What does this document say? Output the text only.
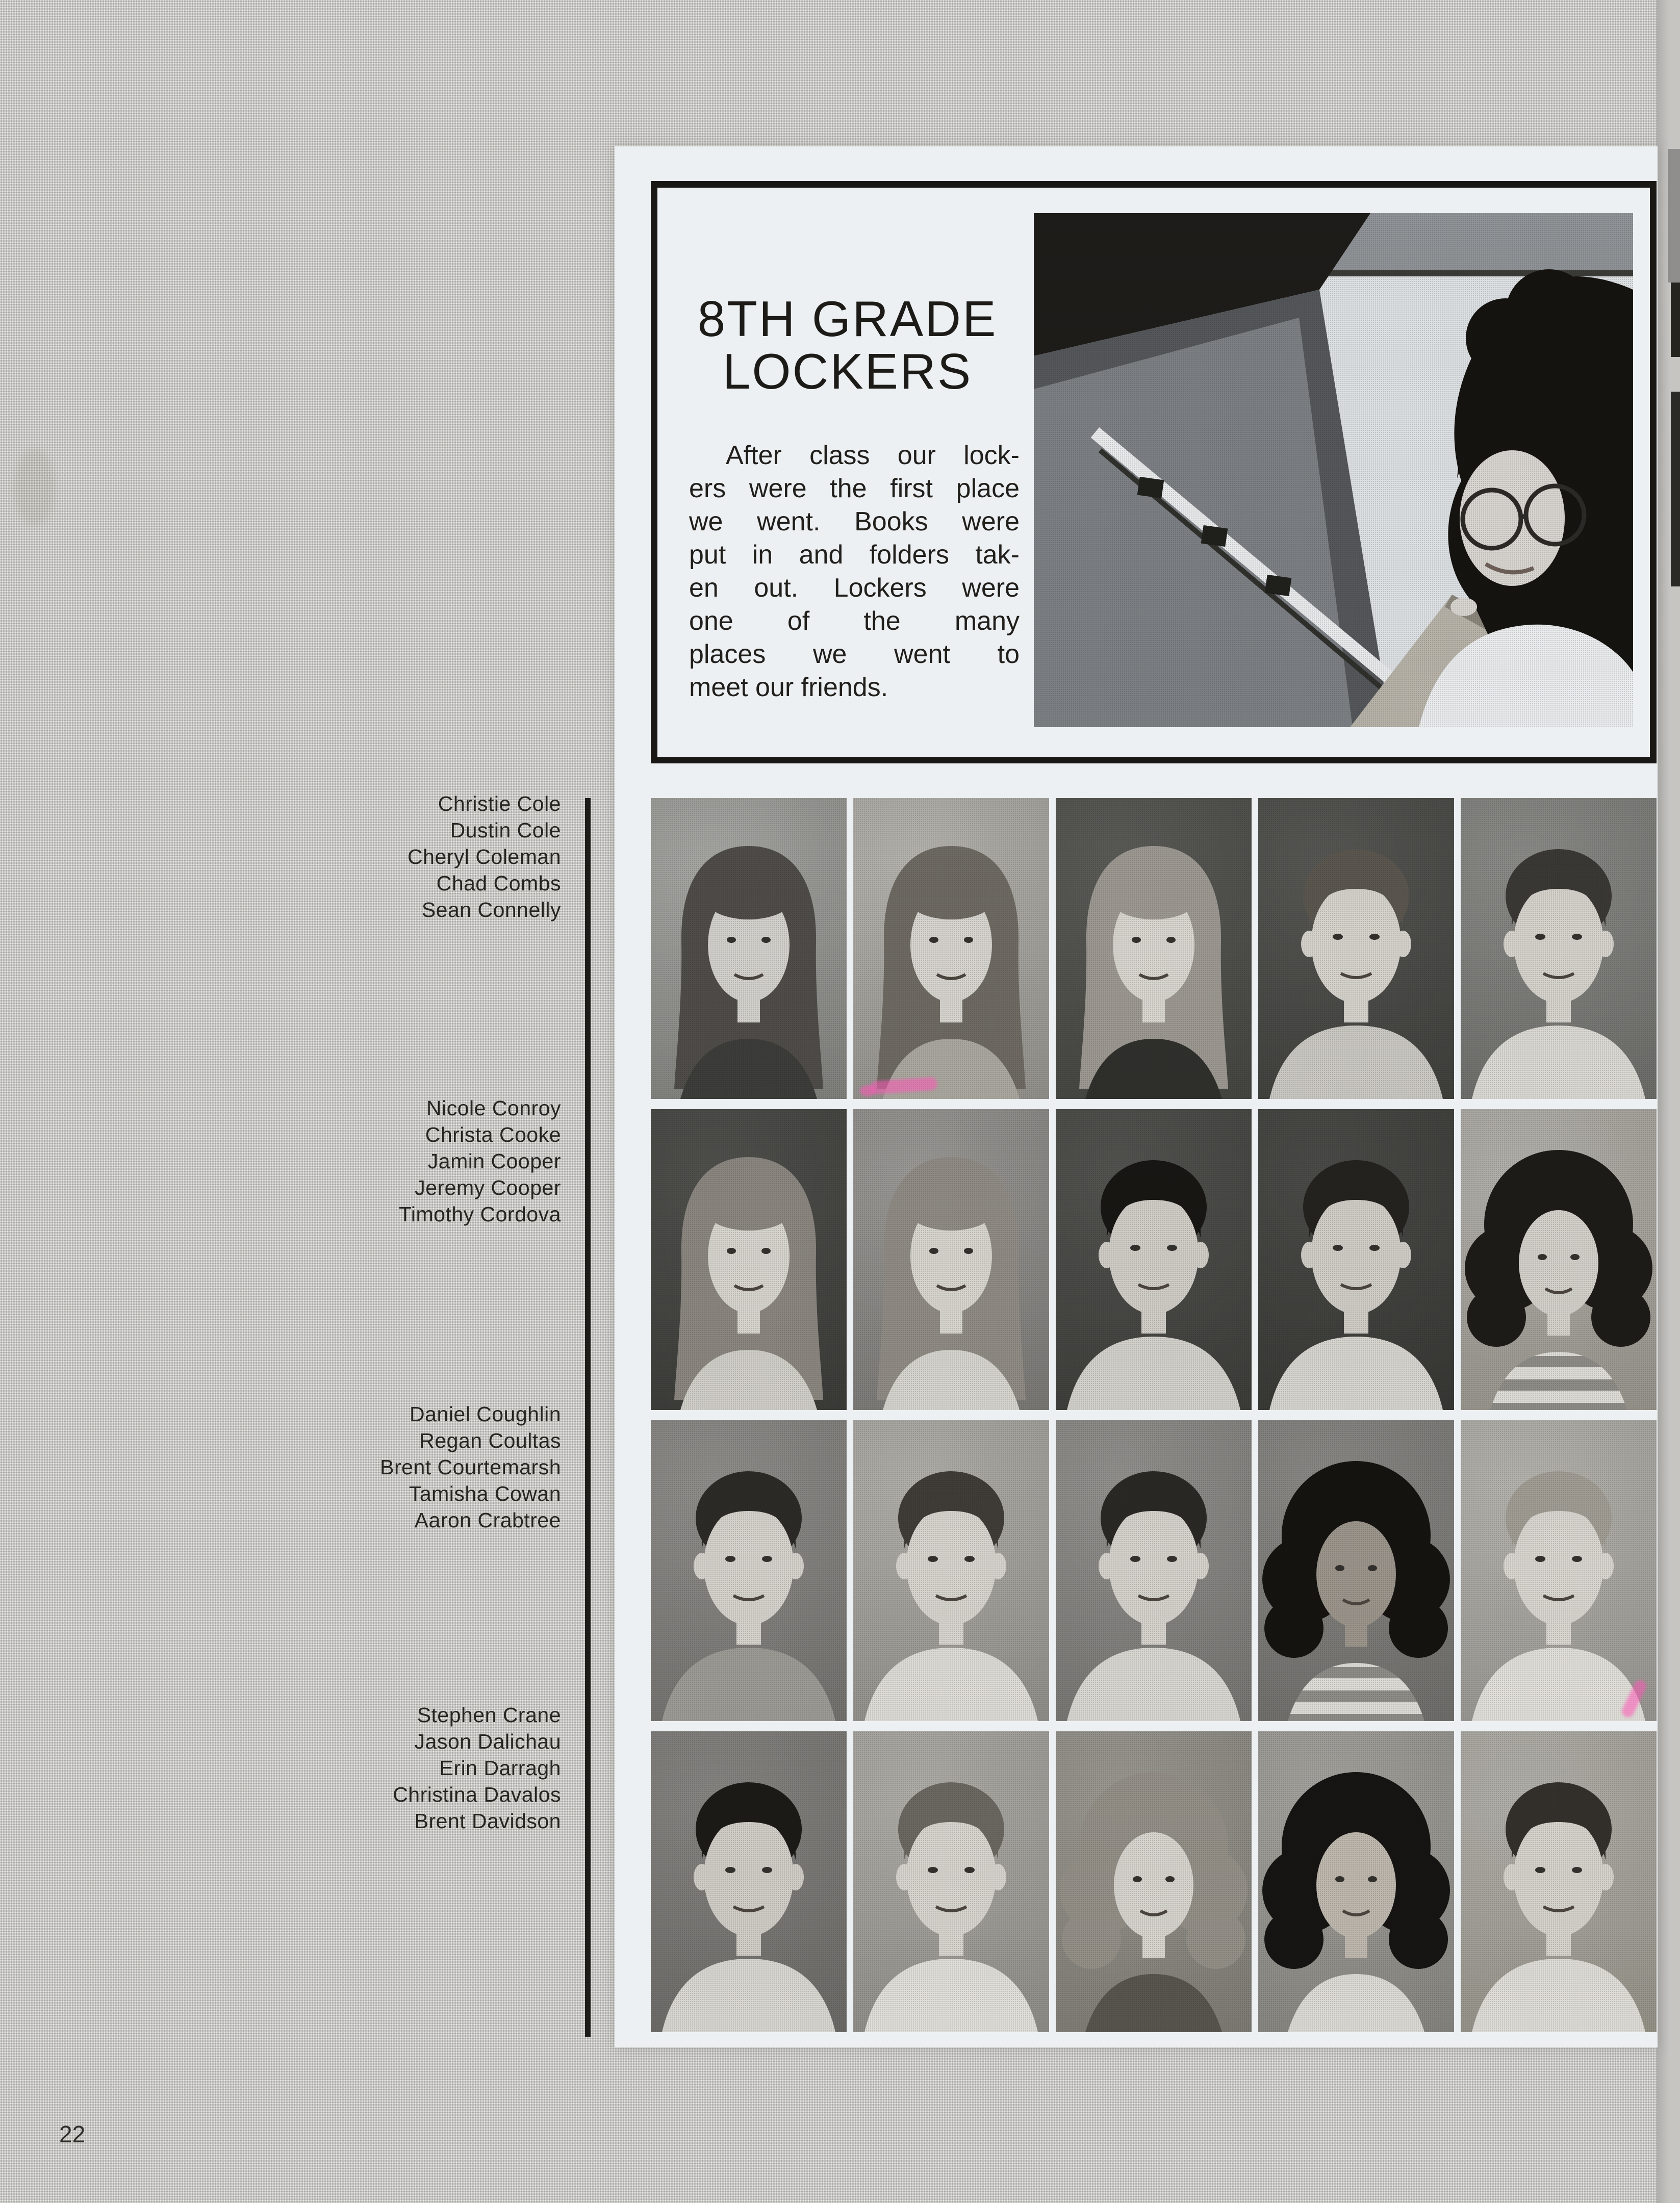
8TH GRADE
LOCKERS
After class our lock-
ers were the first place
we went. Books were
put in and folders tak-
en out. Lockers were
one of the many
places we went to
meet our friends.
Christie Cole
Dustin Cole
Cheryl Coleman
Chad Combs
Sean Connelly
Nicole Conroy
Christa Cooke
Jamin Cooper
Jeremy Cooper
Timothy Cordova
Daniel Coughlin
Regan Coultas
Brent Courtemarsh
Tamisha Cowan
Aaron Crabtree
Stephen Crane
Jason Dalichau
Erin Darragh
Christina Davalos
Brent Davidson
22
